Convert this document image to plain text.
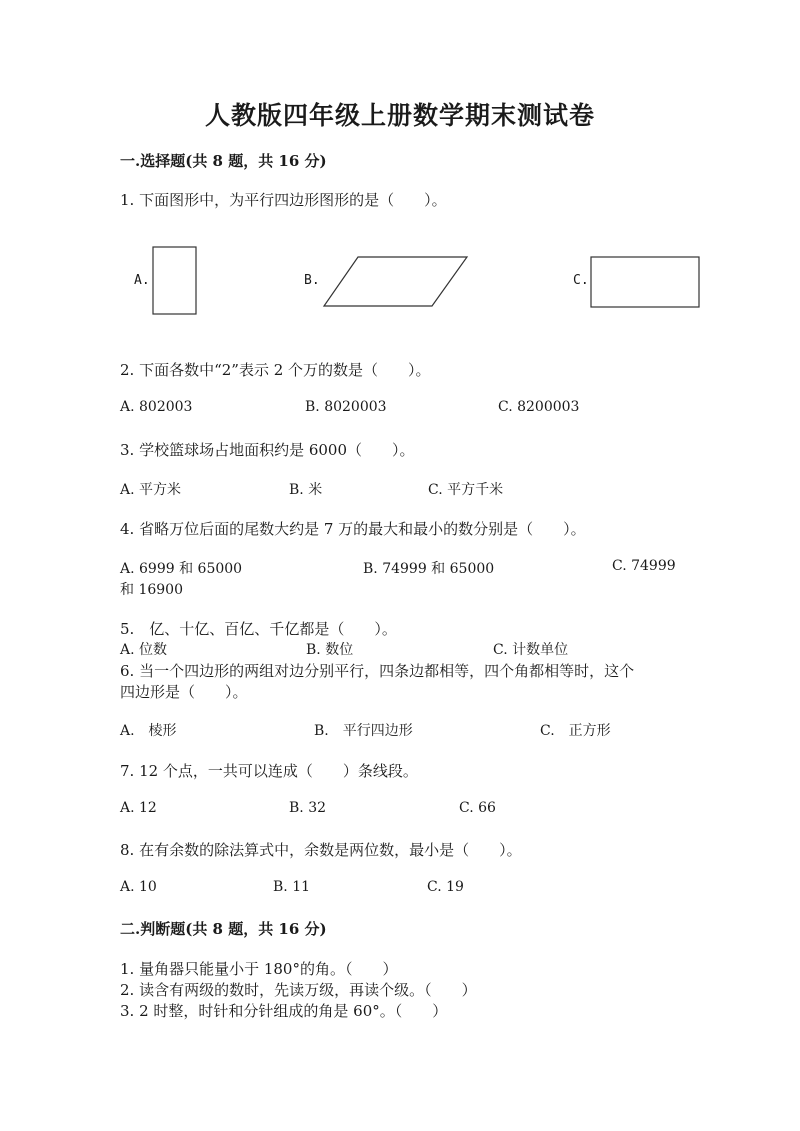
人教版四年级上册数学期末测试卷
一.选择题(共 8 题，共 16 分)
1. 下面图形中，为平行四边形图形的是（　　）。
A.	B.	C.
2. 下面各数中“2”表示 2 个万的数是（　　）。
A. 802003	B. 8020003	C. 8200003
3. 学校篮球场占地面积约是 6000（　　）。
A. 平方米	B. 米	C. 平方千米
4. 省略万位后面的尾数大约是 7 万的最大和最小的数分别是（　　）。
A. 6999 和 65000	B. 74999 和 65000	C. 74999
和 16900
5.　亿、十亿、百亿、千亿都是（　　）。
A. 位数	B. 数位	C. 计数单位
6. 当一个四边形的两组对边分别平行，四条边都相等，四个角都相等时，这个
四边形是（　　）。
A.　棱形	B.　平行四边形	C.　正方形
7. 12 个点，一共可以连成（　　）条线段。
A. 12	B. 32	C. 66
8. 在有余数的除法算式中，余数是两位数，最小是（　　）。
A. 10	B. 11	C. 19
二.判断题(共 8 题，共 16 分)
1. 量角器只能量小于 180°的角。（　　）
2. 读含有两级的数时，先读万级，再读个级。（　　）
3. 2 时整，时针和分针组成的角是 60°。（　　）
